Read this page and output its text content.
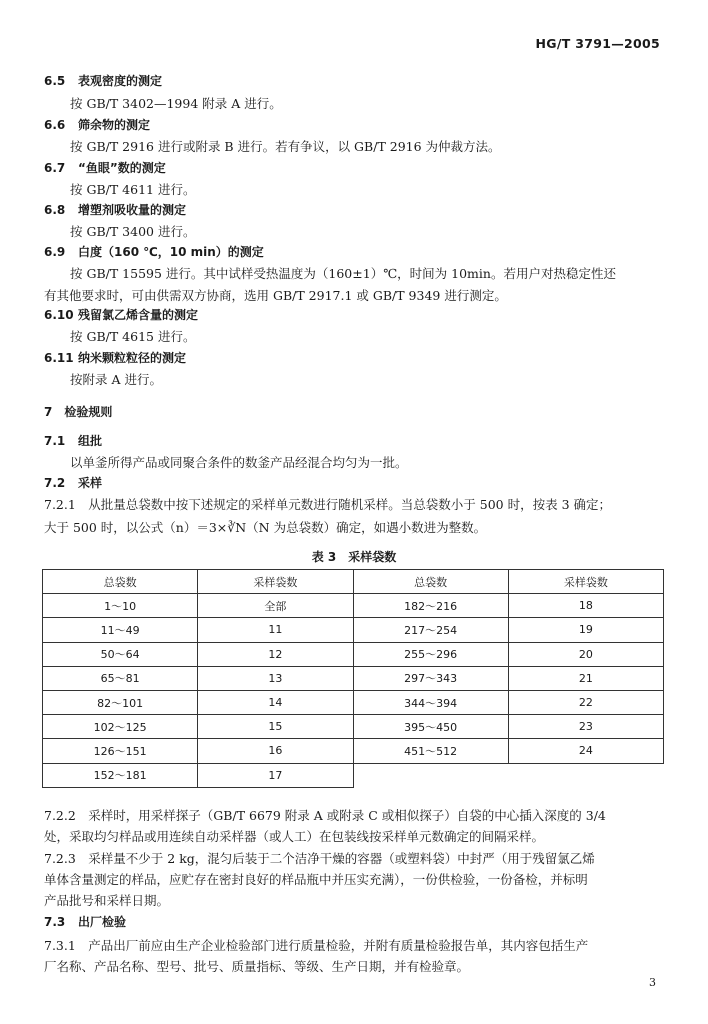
HG/T 3791—2005
6.5 表观密度的测定
按 GB/T 3402—1994 附录 A 进行。
6.6 筛余物的测定
按 GB/T 2916 进行或附录 B 进行。若有争议，以 GB/T 2916 为仲裁方法。
6.7 “鱼眼”数的测定
按 GB/T 4611 进行。
6.8 增塑剂吸收量的测定
按 GB/T 3400 进行。
6.9 白度（160 ℃，10 min）的测定
按 GB/T 15595 进行。其中试样受热温度为（160±1）℃，时间为 10min。若用户对热稳定性还
有其他要求时，可由供需双方协商，选用 GB/T 2917.1 或 GB/T 9349 进行测定。
6.10 残留氯乙烯含量的测定
按 GB/T 4615 进行。
6.11 纳米颗粒粒径的测定
按附录 A 进行。
7　检验规则
7.1 组批
以单釜所得产品或同聚合条件的数釜产品经混合均匀为一批。
7.2 采样
7.2.1　从批量总袋数中按下述规定的采样单元数进行随机采样。当总袋数小于 500 时，按表 3 确定；
大于 500 时，以公式（n）＝3×∛N（N 为总袋数）确定，如遇小数进为整数。
表 3　采样袋数
总袋数	采样袋数	总袋数	采样袋数
1～10	全部	182～216	18
11～49	11	217～254	19
50～64	12	255～296	20
65～81	13	297～343	21
82～101	14	344～394	22
102～125	15	395～450	23
126～151	16	451～512	24
152～181	17		
7.2.2　采样时，用采样探子（GB/T 6679 附录 A 或附录 C 或相似探子）自袋的中心插入深度的 3/4
处，采取均匀样品或用连续自动采样器（或人工）在包装线按采样单元数确定的间隔采样。
7.2.3　采样量不少于 2 kg，混匀后装于二个洁净干燥的容器（或塑料袋）中封严（用于残留氯乙烯
单体含量测定的样品，应贮存在密封良好的样品瓶中并压实充满），一份供检验，一份备检，并标明
产品批号和采样日期。
7.3 出厂检验
7.3.1　产品出厂前应由生产企业检验部门进行质量检验，并附有质量检验报告单，其内容包括生产
厂名称、产品名称、型号、批号、质量指标、等级、生产日期，并有检验章。
3
